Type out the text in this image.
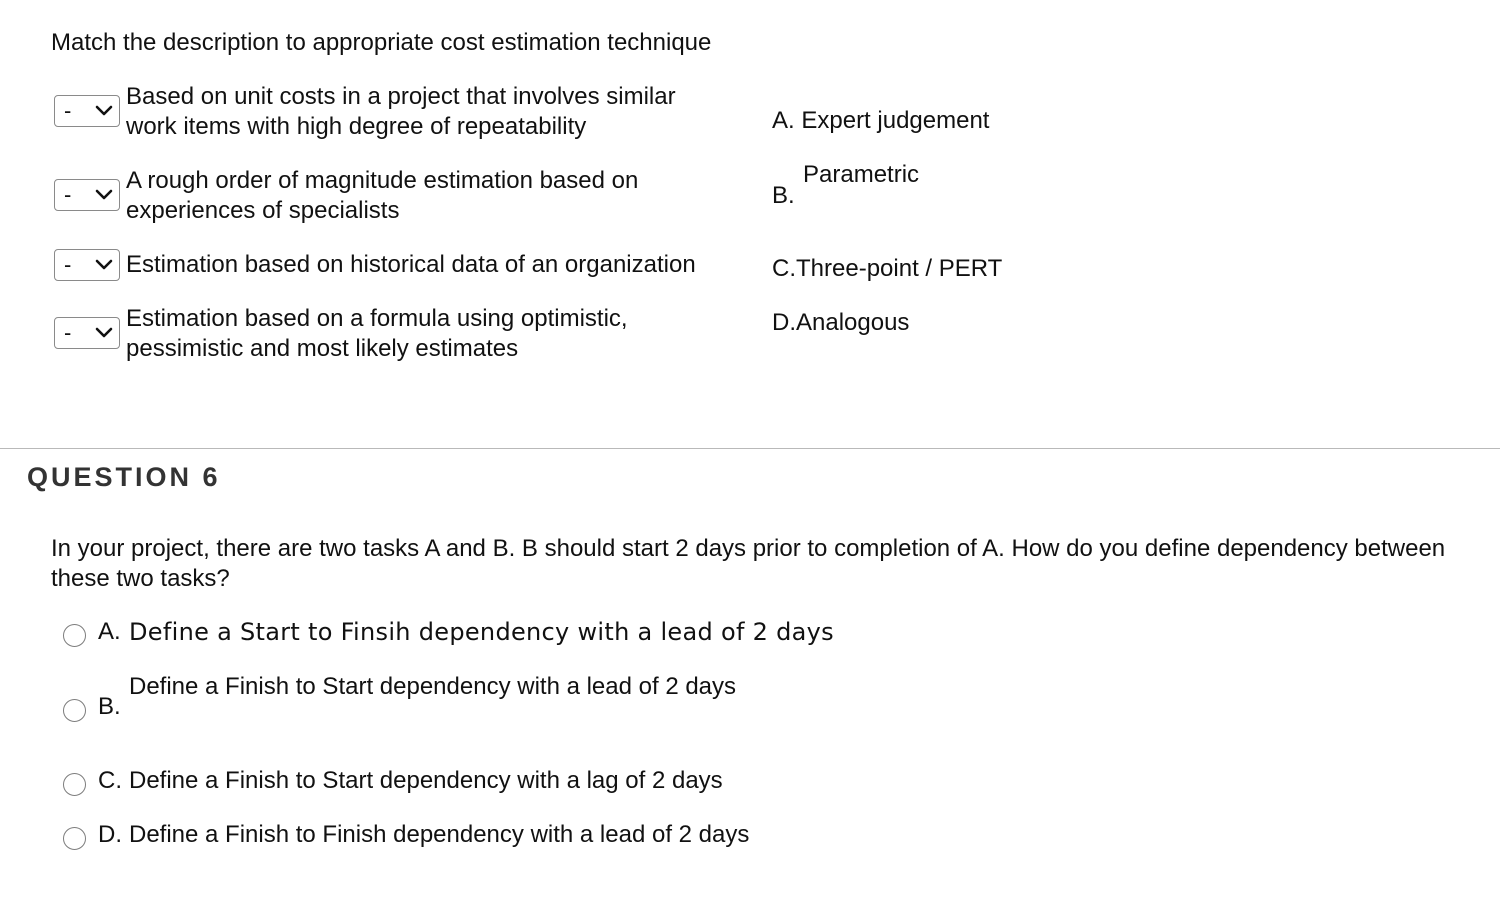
Match the description to appropriate cost estimation technique
-
Based on unit costs in a project that involves similar
work items with high degree of repeatability
-
A rough order of magnitude estimation based on
experiences of specialists
- Estimation based on historical data of an organization
-
Estimation based on a formula using optimistic,
pessimistic and most likely estimates
A. Expert judgement
Parametric
B.
C.Three-point / PERT
D.Analogous
QUESTION 6
In your project, there are two tasks A and B. B should start 2 days prior to completion of A. How do you define dependency between these two tasks?
A. Define a Start to Finsih dependency with a lead of 2 days
B.
Define a Finish to Start dependency with a lead of 2 days
C. Define a Finish to Start dependency with a lag of 2 days
D. Define a Finish to Finish dependency with a lead of 2 days
